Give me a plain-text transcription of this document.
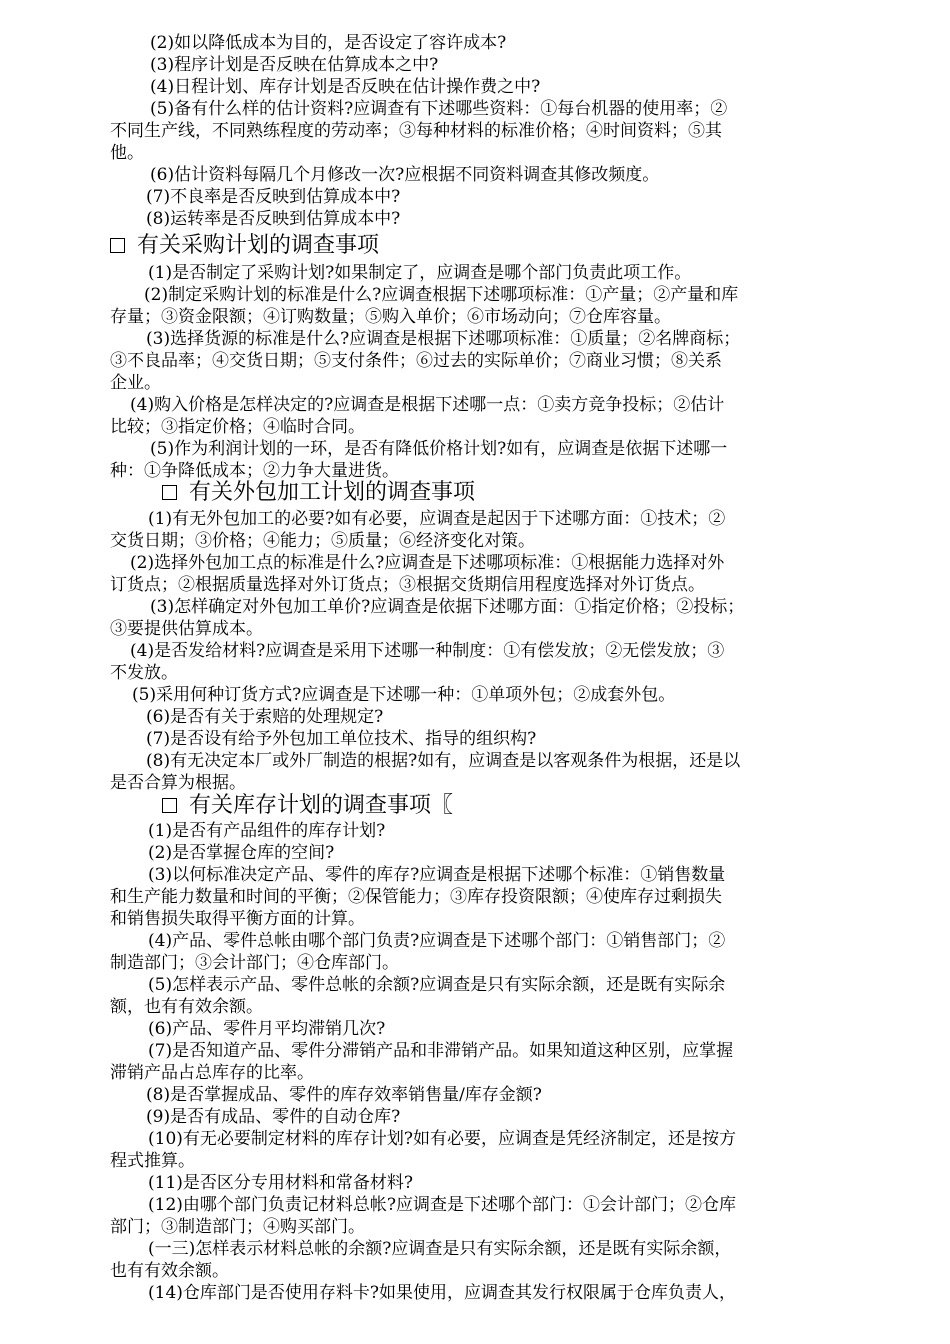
(2)如以降低成本为目的，是否设定了容许成本?
(3)程序计划是否反映在估算成本之中?
(4)日程计划、库存计划是否反映在估计操作费之中?
(5)备有什么样的估计资料?应调查有下述哪些资料：①每台机器的使用率；②
不同生产线，不同熟练程度的劳动率；③每种材料的标准价格；④时间资料；⑤其
他。
(6)估计资料每隔几个月修改一次?应根据不同资料调查其修改频度。
(7)不良率是否反映到估算成本中?
(8)运转率是否反映到估算成本中?
有关采购计划的调查事项
(1)是否制定了采购计划?如果制定了，应调查是哪个部门负责此项工作。
(2)制定采购计划的标准是什么?应调查根据下述哪项标准：①产量；②产量和库
存量；③资金限额；④订购数量；⑤购入单价；⑥市场动向；⑦仓库容量。
(3)选择货源的标准是什么?应调查是根据下述哪项标准：①质量；②名牌商标；
③不良品率；④交货日期；⑤支付条件；⑥过去的实际单价；⑦商业习惯；⑧关系
企业。
(4)购入价格是怎样决定的?应调查是根据下述哪一点：①卖方竞争投标；②估计
比较；③指定价格；④临时合同。
(5)作为利润计划的一环，是否有降低价格计划?如有，应调查是依据下述哪一
种：①争降低成本；②力争大量进货。
有关外包加工计划的调查事项
(1)有无外包加工的必要?如有必要，应调查是起因于下述哪方面：①技术；②
交货日期；③价格；④能力；⑤质量；⑥经济变化对策。
(2)选择外包加工点的标准是什么?应调查是下述哪项标准：①根据能力选择对外
订货点；②根据质量选择对外订货点；③根据交货期信用程度选择对外订货点。
(3)怎样确定对外包加工单价?应调查是依据下述哪方面：①指定价格；②投标；
③要提供估算成本。
(4)是否发给材料?应调查是采用下述哪一种制度：①有偿发放；②无偿发放；③
不发放。
(5)采用何种订货方式?应调查是下述哪一种：①单项外包；②成套外包。
(6)是否有关于索赔的处理规定?
(7)是否设有给予外包加工单位技术、指导的组织构?
(8)有无决定本厂或外厂制造的根据?如有，应调查是以客观条件为根据，还是以
是否合算为根据。
有关库存计划的调查事项〖
(1)是否有产品组件的库存计划?
(2)是否掌握仓库的空间?
(3)以何标准决定产品、零件的库存?应调查是根据下述哪个标准：①销售数量
和生产能力数量和时间的平衡；②保管能力；③库存投资限额；④使库存过剩损失
和销售损失取得平衡方面的计算。
(4)产品、零件总帐由哪个部门负责?应调查是下述哪个部门：①销售部门；②
制造部门；③会计部门；④仓库部门。
(5)怎样表示产品、零件总帐的余额?应调查是只有实际余额，还是既有实际余
额，也有有效余额。
(6)产品、零件月平均滞销几次?
(7)是否知道产品、零件分滞销产品和非滞销产品。如果知道这种区别，应掌握
滞销产品占总库存的比率。
(8)是否掌握成品、零件的库存效率销售量/库存金额?
(9)是否有成品、零件的自动仓库?
(10)有无必要制定材料的库存计划?如有必要，应调查是凭经济制定，还是按方
程式推算。
(11)是否区分专用材料和常备材料?
(12)由哪个部门负责记材料总帐?应调查是下述哪个部门：①会计部门；②仓库
部门；③制造部门；④购买部门。
(一三)怎样表示材料总帐的余额?应调查是只有实际余额，还是既有实际余额，
也有有效余额。
(14)仓库部门是否使用存料卡?如果使用，应调查其发行权限属于仓库负责人，
